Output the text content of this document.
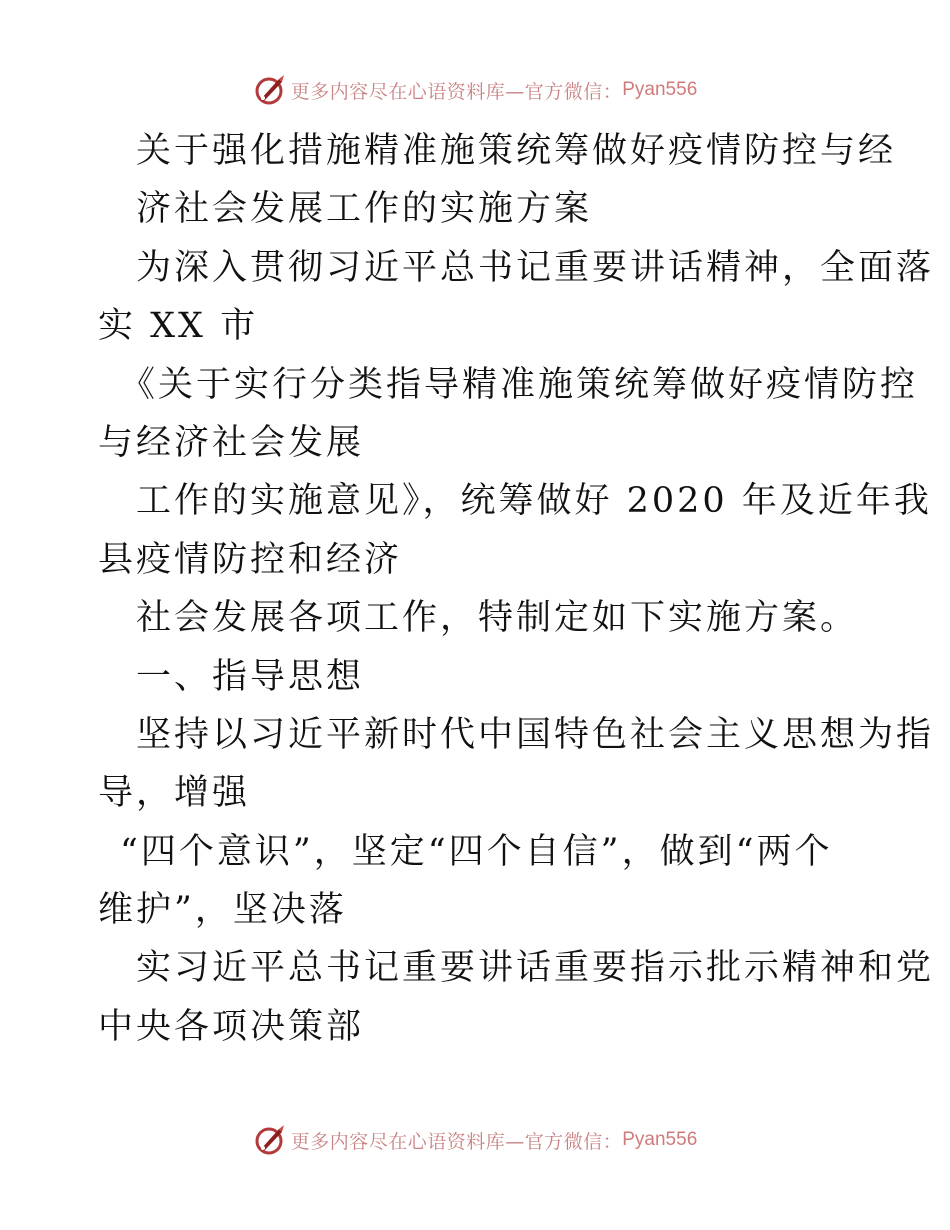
更多内容尽在心语资料库—官方微信： Pyan556
关于强化措施精准施策统筹做好疫情防控与经
济社会发展工作的实施方案
为深入贯彻习近平总书记重要讲话精神，全面落
实 XX 市
《关于实行分类指导精准施策统筹做好疫情防控
与经济社会发展
工作的实施意见》，统筹做好 2020 年及近年我
县疫情防控和经济
社会发展各项工作，特制定如下实施方案。
一、指导思想
坚持以习近平新时代中国特色社会主义思想为指
导，增强
“四个意识”，坚定“四个自信”，做到“两个
维护”，坚决落
实习近平总书记重要讲话重要指示批示精神和党
中央各项决策部
更多内容尽在心语资料库—官方微信： Pyan556
